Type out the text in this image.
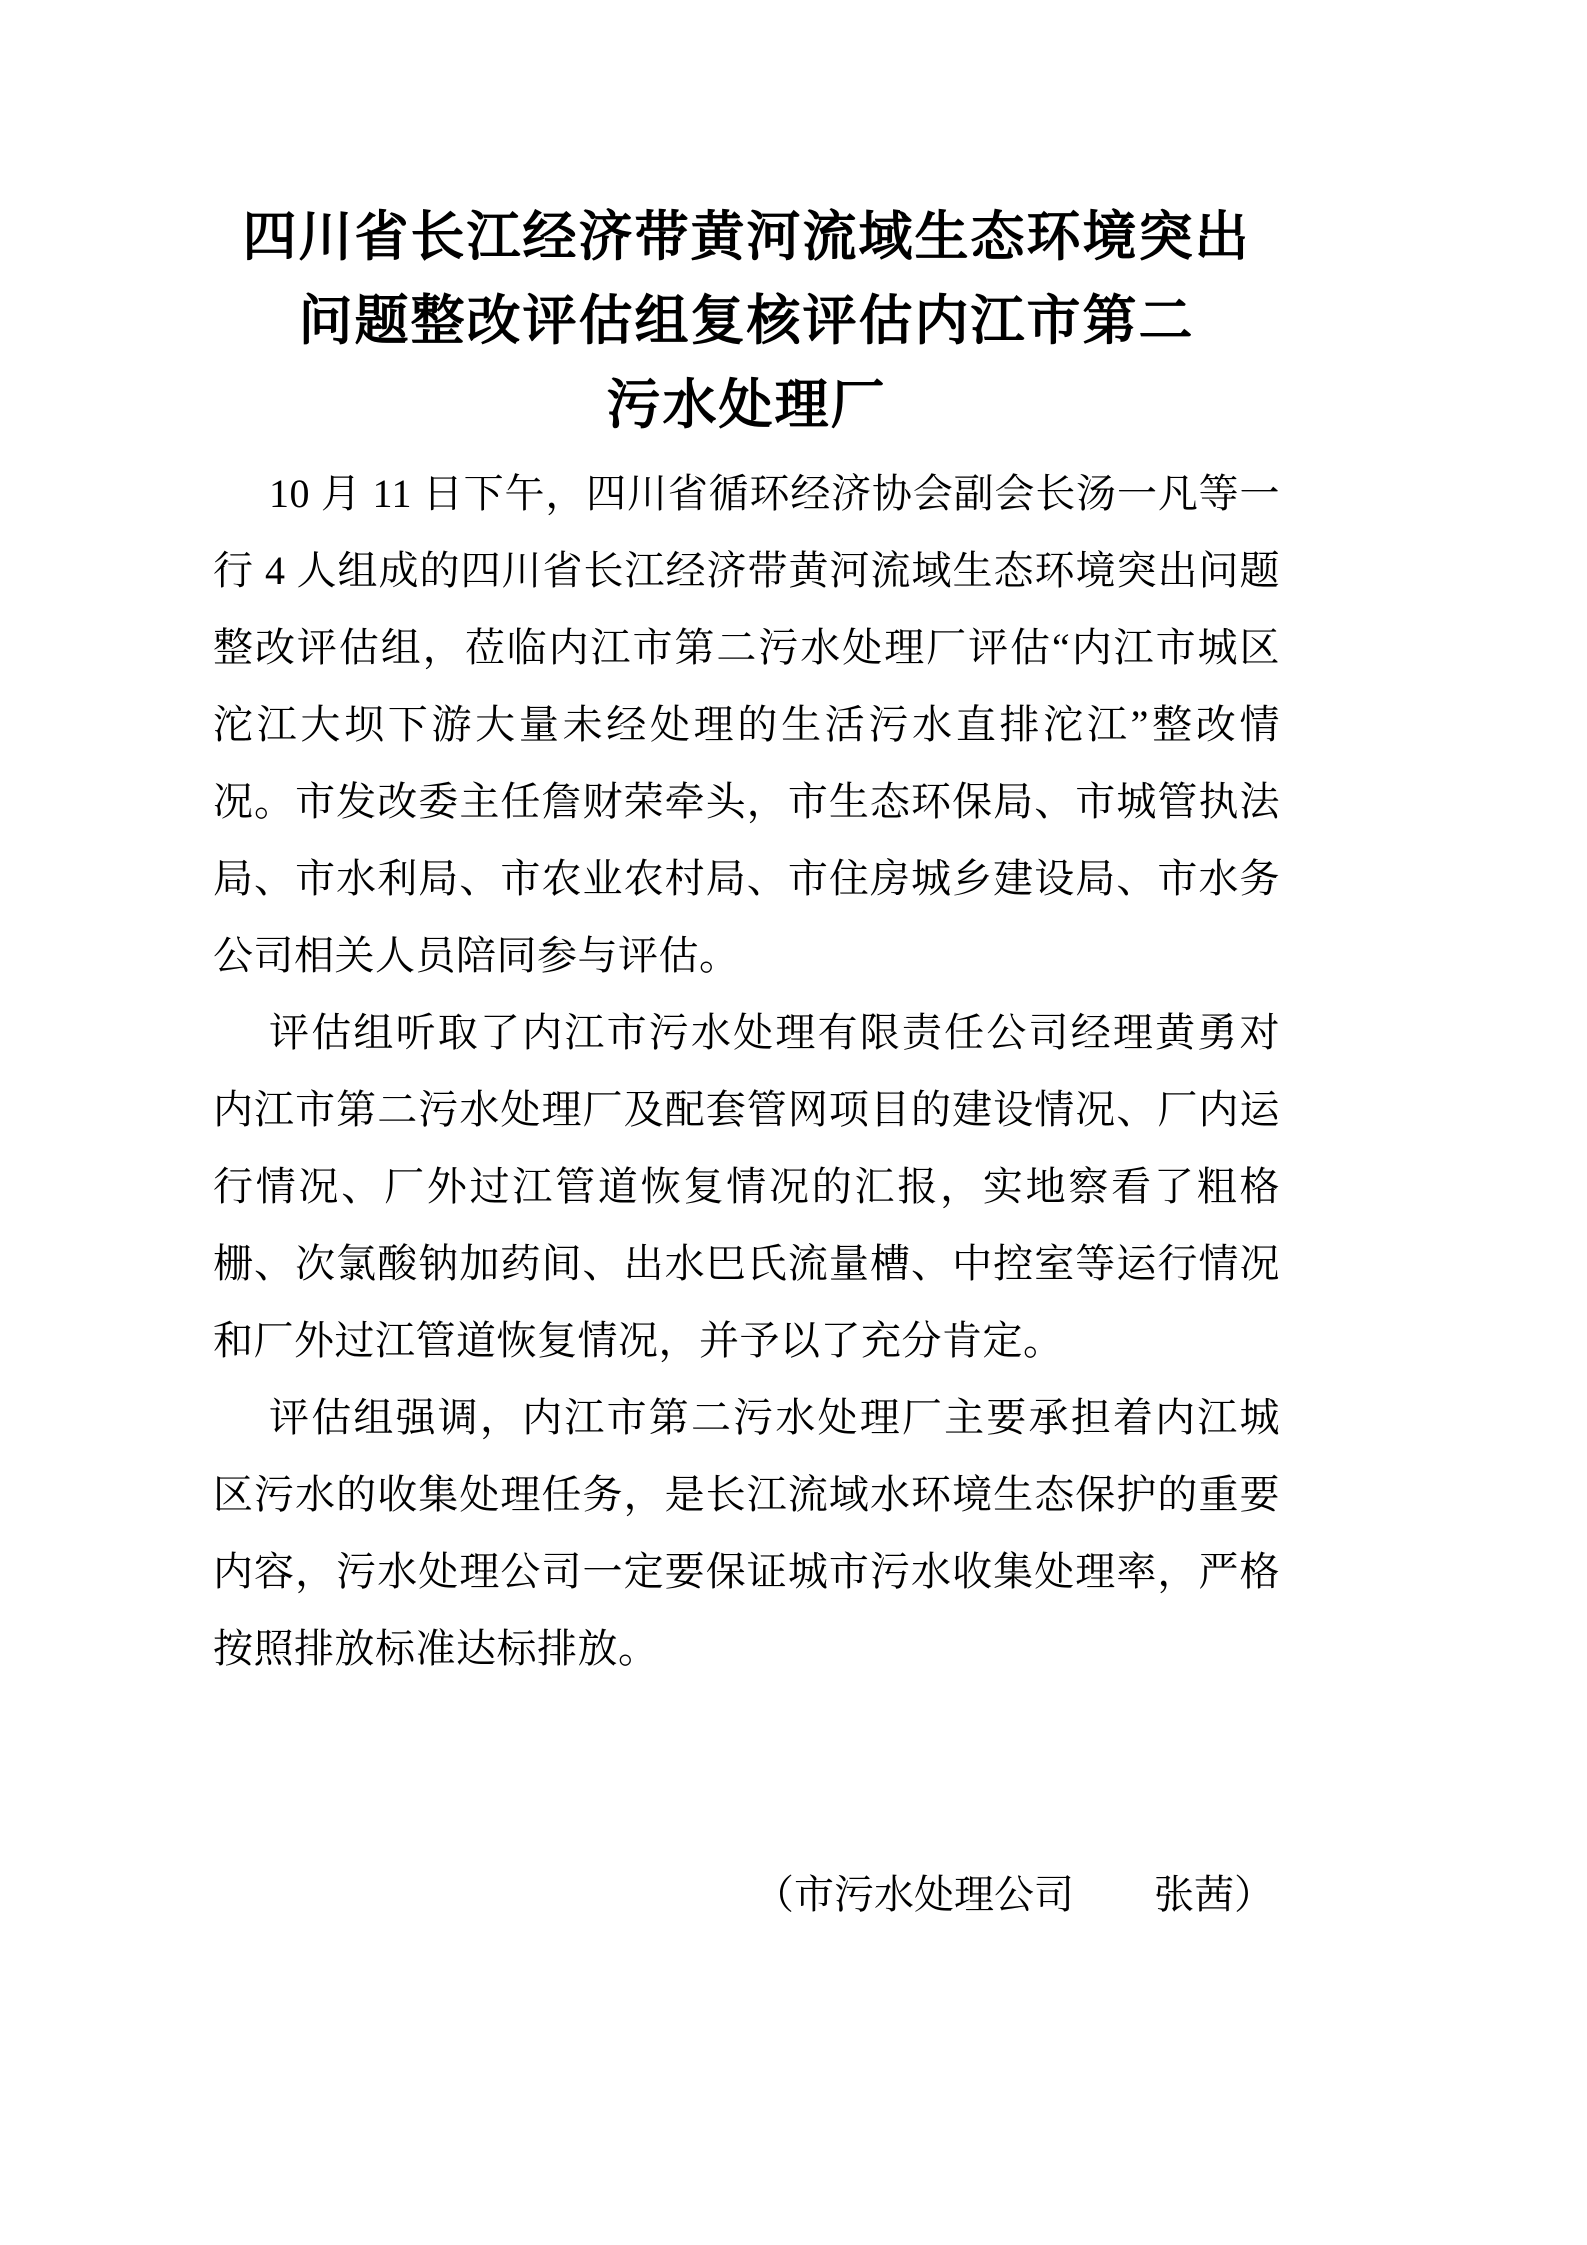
四川省长江经济带黄河流域生态环境突出
问题整改评估组复核评估内江市第二
污水处理厂

10 月 11 日下午，四川省循环经济协会副会长汤一凡等一行 4 人组成的四川省长江经济带黄河流域生态环境突出问题整改评估组，莅临内江市第二污水处理厂评估“内江市城区沱江大坝下游大量未经处理的生活污水直排沱江”整改情况。市发改委主任詹财荣牵头，市生态环保局、市城管执法局、市水利局、市农业农村局、市住房城乡建设局、市水务公司相关人员陪同参与评估。

评估组听取了内江市污水处理有限责任公司经理黄勇对内江市第二污水处理厂及配套管网项目的建设情况、厂内运行情况、厂外过江管道恢复情况的汇报，实地察看了粗格栅、次氯酸钠加药间、出水巴氏流量槽、中控室等运行情况和厂外过江管道恢复情况，并予以了充分肯定。

评估组强调，内江市第二污水处理厂主要承担着内江城区污水的收集处理任务，是长江流域水环境生态保护的重要内容，污水处理公司一定要保证城市污水收集处理率，严格按照排放标准达标排放。

（市污水处理公司　　张茜）
